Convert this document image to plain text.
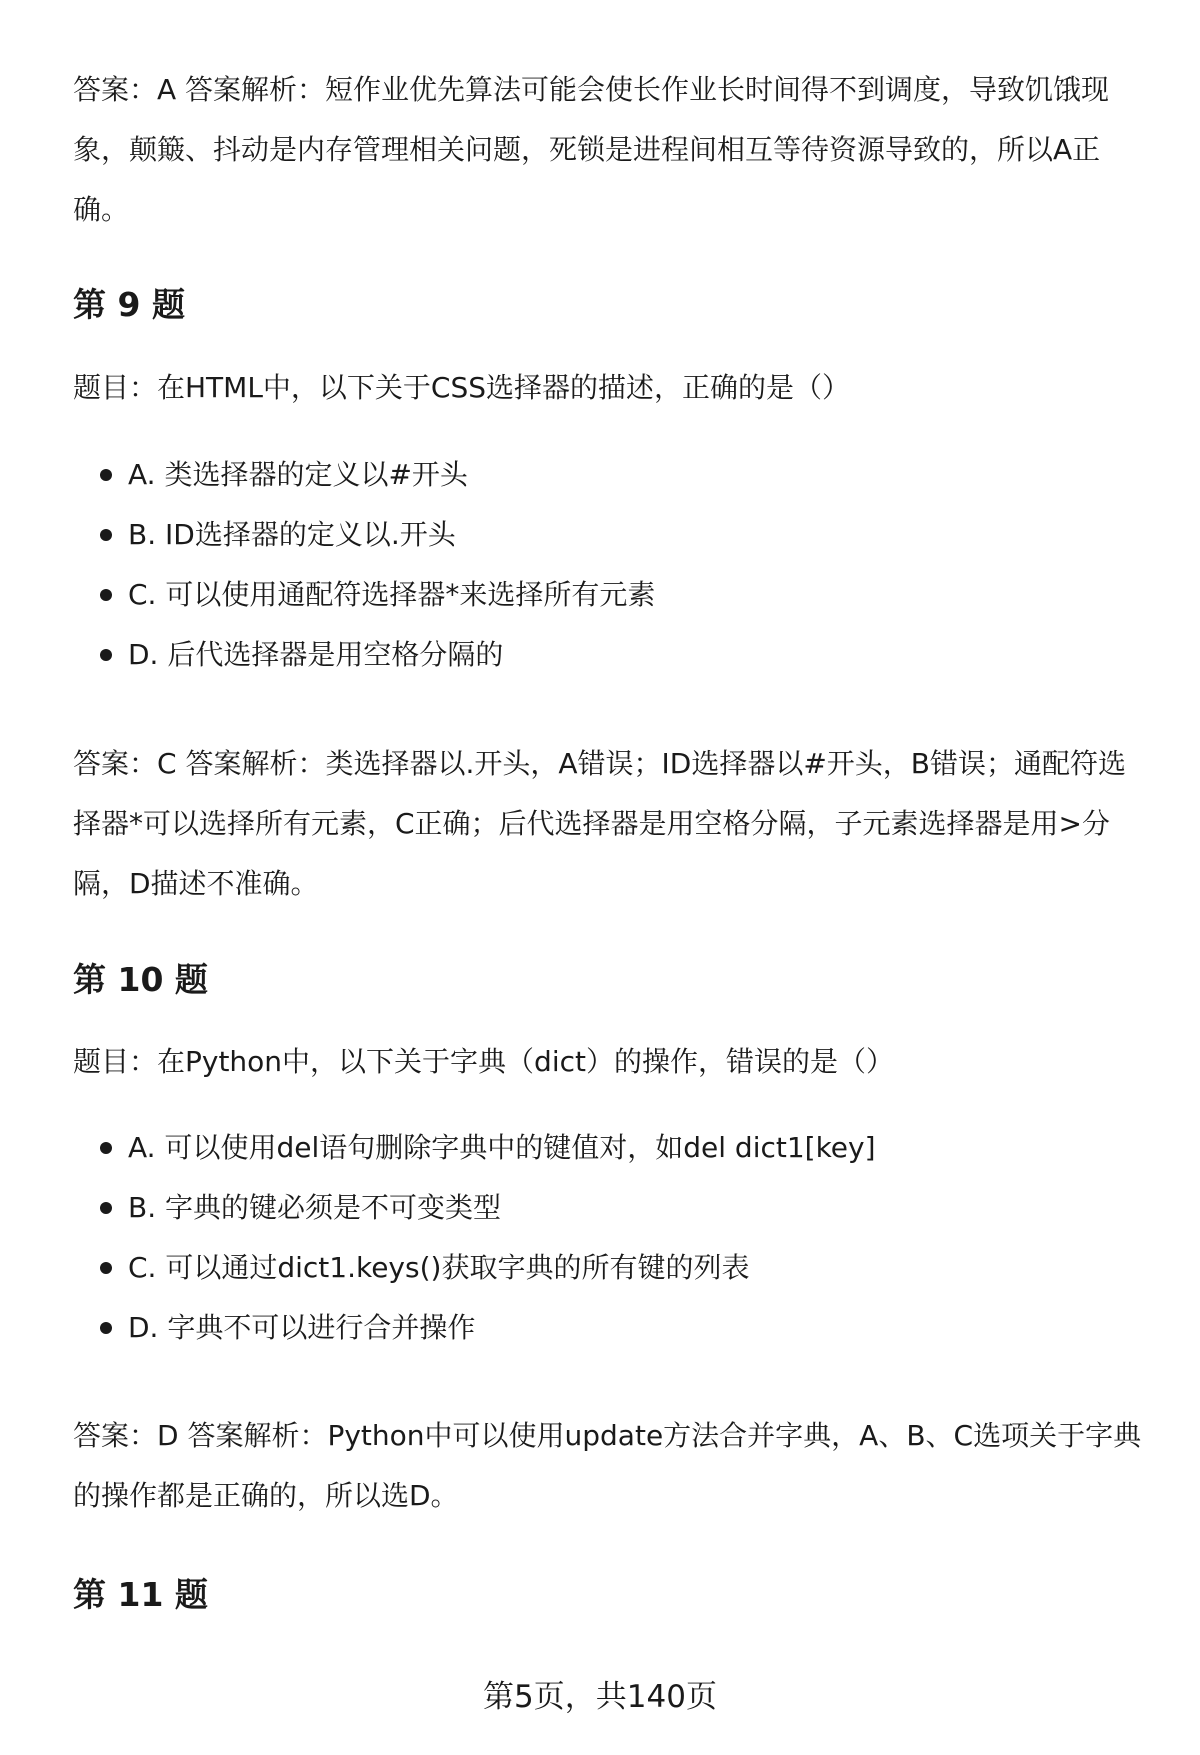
答案：A 答案解析：短作业优先算法可能会使长作业长时间得不到调度，导致饥饿现象，颠簸、抖动是内存管理相关问题，死锁是进程间相互等待资源导致的，所以A正确。

第 9 题

题目：在HTML中，以下关于CSS选择器的描述，正确的是（）

A. 类选择器的定义以#开头
B. ID选择器的定义以.开头
C. 可以使用通配符选择器*来选择所有元素
D. 后代选择器是用空格分隔的

答案：C 答案解析：类选择器以.开头，A错误；ID选择器以#开头，B错误；通配符选择器*可以选择所有元素，C正确；后代选择器是用空格分隔，子元素选择器是用>分隔，D描述不准确。

第 10 题

题目：在Python中，以下关于字典（dict）的操作，错误的是（）

A. 可以使用del语句删除字典中的键值对，如del dict1[key]
B. 字典的键必须是不可变类型
C. 可以通过dict1.keys()获取字典的所有键的列表
D. 字典不可以进行合并操作

答案：D 答案解析：Python中可以使用update方法合并字典，A、B、C选项关于字典的操作都是正确的，所以选D。

第 11 题
第5页，共140页
